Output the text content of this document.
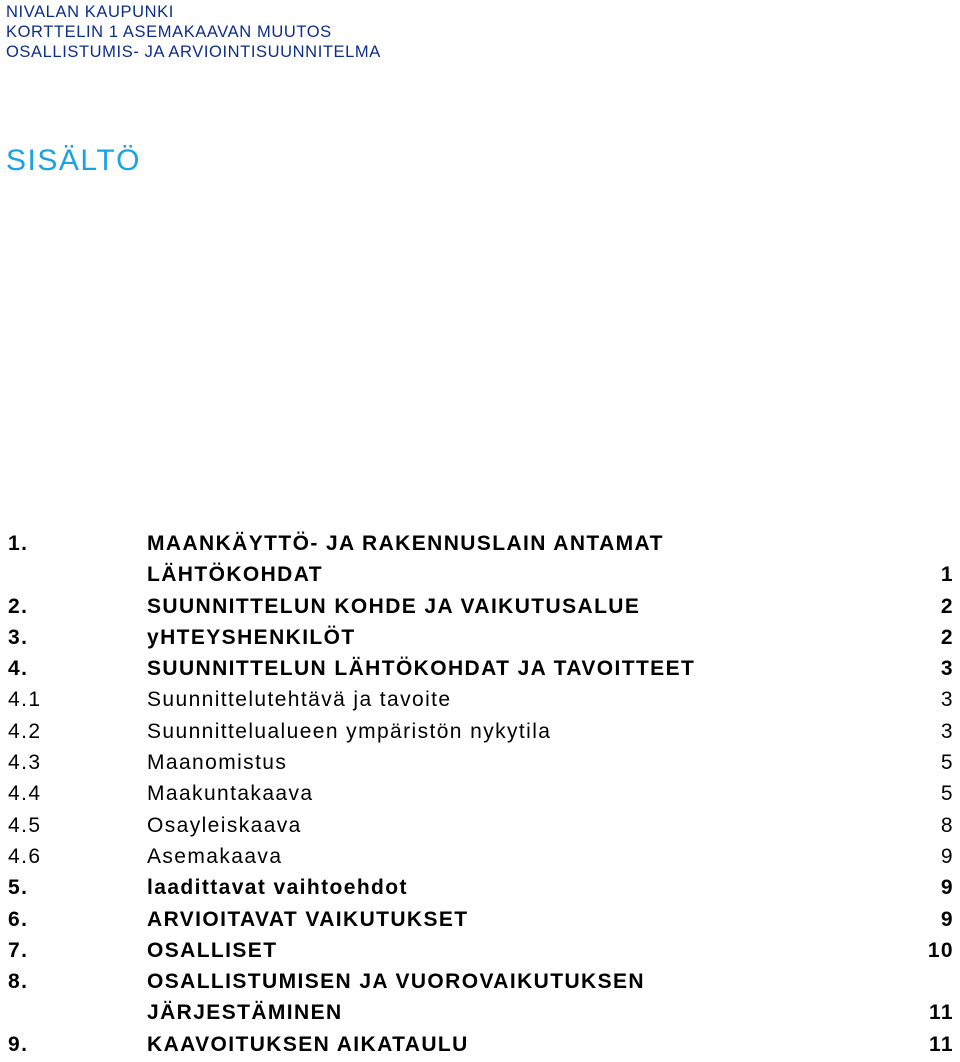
NIVALAN KAUPUNKI
KORTTELIN 1 ASEMAKAAVAN MUUTOS
OSALLISTUMIS- JA ARVIOINTISUUNNITELMA
SISÄLTÖ
1.	MAANKÄYTTÖ- JA RAKENNUSLAIN ANTAMAT
LÄHTÖKOHDAT	1
2.	SUUNNITTELUN KOHDE JA VAIKUTUSALUE	2
3.	yHTEYSHENKILÖT	2
4.	SUUNNITTELUN LÄHTÖKOHDAT JA TAVOITTEET	3
4.1	Suunnittelutehtävä ja tavoite	3
4.2	Suunnittelualueen ympäristön nykytila	3
4.3	Maanomistus	5
4.4	Maakuntakaava	5
4.5	Osayleiskaava	8
4.6	Asemakaava	9
5.	laadittavat vaihtoehdot	9
6.	ARVIOITAVAT VAIKUTUKSET	9
7.	OSALLISET	10
8.	OSALLISTUMISEN JA VUOROVAIKUTUKSEN
JÄRJESTÄMINEN	11
9.	KAAVOITUKSEN AIKATAULU	11
